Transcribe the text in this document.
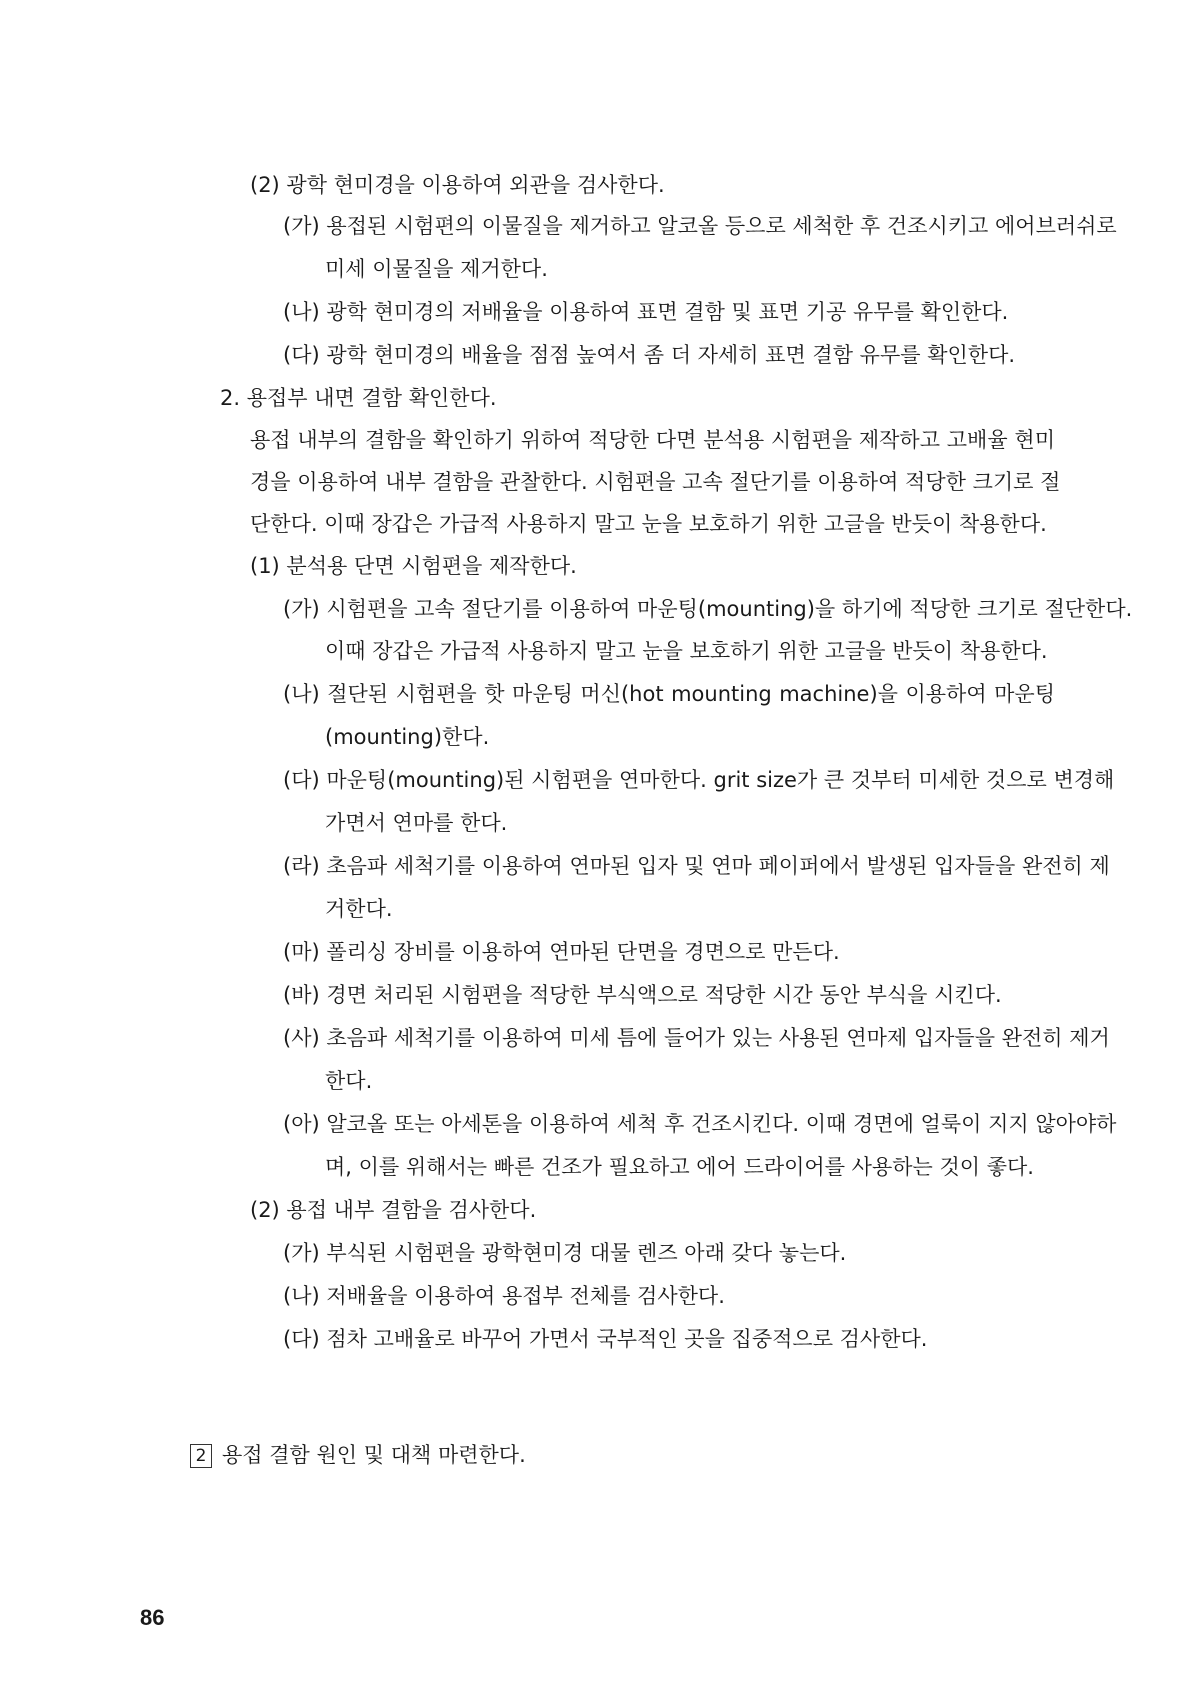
(2) 광학 현미경을 이용하여 외관을 검사한다.

(가) 용접된 시험편의 이물질을 제거하고 알코올 등으로 세척한 후 건조시키고 에어브러쉬로

미세 이물질을 제거한다.

(나) 광학 현미경의 저배율을 이용하여 표면 결함 및 표면 기공 유무를 확인한다.

(다) 광학 현미경의 배율을 점점 높여서 좀 더 자세히 표면 결함 유무를 확인한다.

2. 용접부 내면 결함 확인한다.

용접 내부의 결함을 확인하기 위하여 적당한 다면 분석용 시험편을 제작하고 고배율 현미

경을 이용하여 내부 결함을 관찰한다. 시험편을 고속 절단기를 이용하여 적당한 크기로 절

단한다. 이때 장갑은 가급적 사용하지 말고 눈을 보호하기 위한 고글을 반듯이 착용한다.

(1) 분석용 단면 시험편을 제작한다.

(가) 시험편을 고속 절단기를 이용하여 마운팅(mounting)을 하기에 적당한 크기로 절단한다.

이때 장갑은 가급적 사용하지 말고 눈을 보호하기 위한 고글을 반듯이 착용한다.

(나) 절단된 시험편을 핫 마운팅 머신(hot mounting machine)을 이용하여 마운팅

(mounting)한다.

(다) 마운팅(mounting)된 시험편을 연마한다. grit size가 큰 것부터 미세한 것으로 변경해

가면서 연마를 한다.

(라) 초음파 세척기를 이용하여 연마된 입자 및 연마 페이퍼에서 발생된 입자들을 완전히 제

거한다.

(마) 폴리싱 장비를 이용하여 연마된 단면을 경면으로 만든다.

(바) 경면 처리된 시험편을 적당한 부식액으로 적당한 시간 동안 부식을 시킨다.

(사) 초음파 세척기를 이용하여 미세 틈에 들어가 있는 사용된 연마제 입자들을 완전히 제거

한다.

(아) 알코올 또는 아세톤을 이용하여 세척 후 건조시킨다. 이때 경면에 얼룩이 지지 않아야하

며, 이를 위해서는 빠른 건조가 필요하고 에어 드라이어를 사용하는 것이 좋다.

(2) 용접 내부 결함을 검사한다.

(가) 부식된 시험편을 광학현미경 대물 렌즈 아래 갖다 놓는다.

(나) 저배율을 이용하여 용접부 전체를 검사한다.

(다) 점차 고배율로 바꾸어 가면서 국부적인 곳을 집중적으로 검사한다.

2 용접 결함 원인 및 대책 마련한다.

86
